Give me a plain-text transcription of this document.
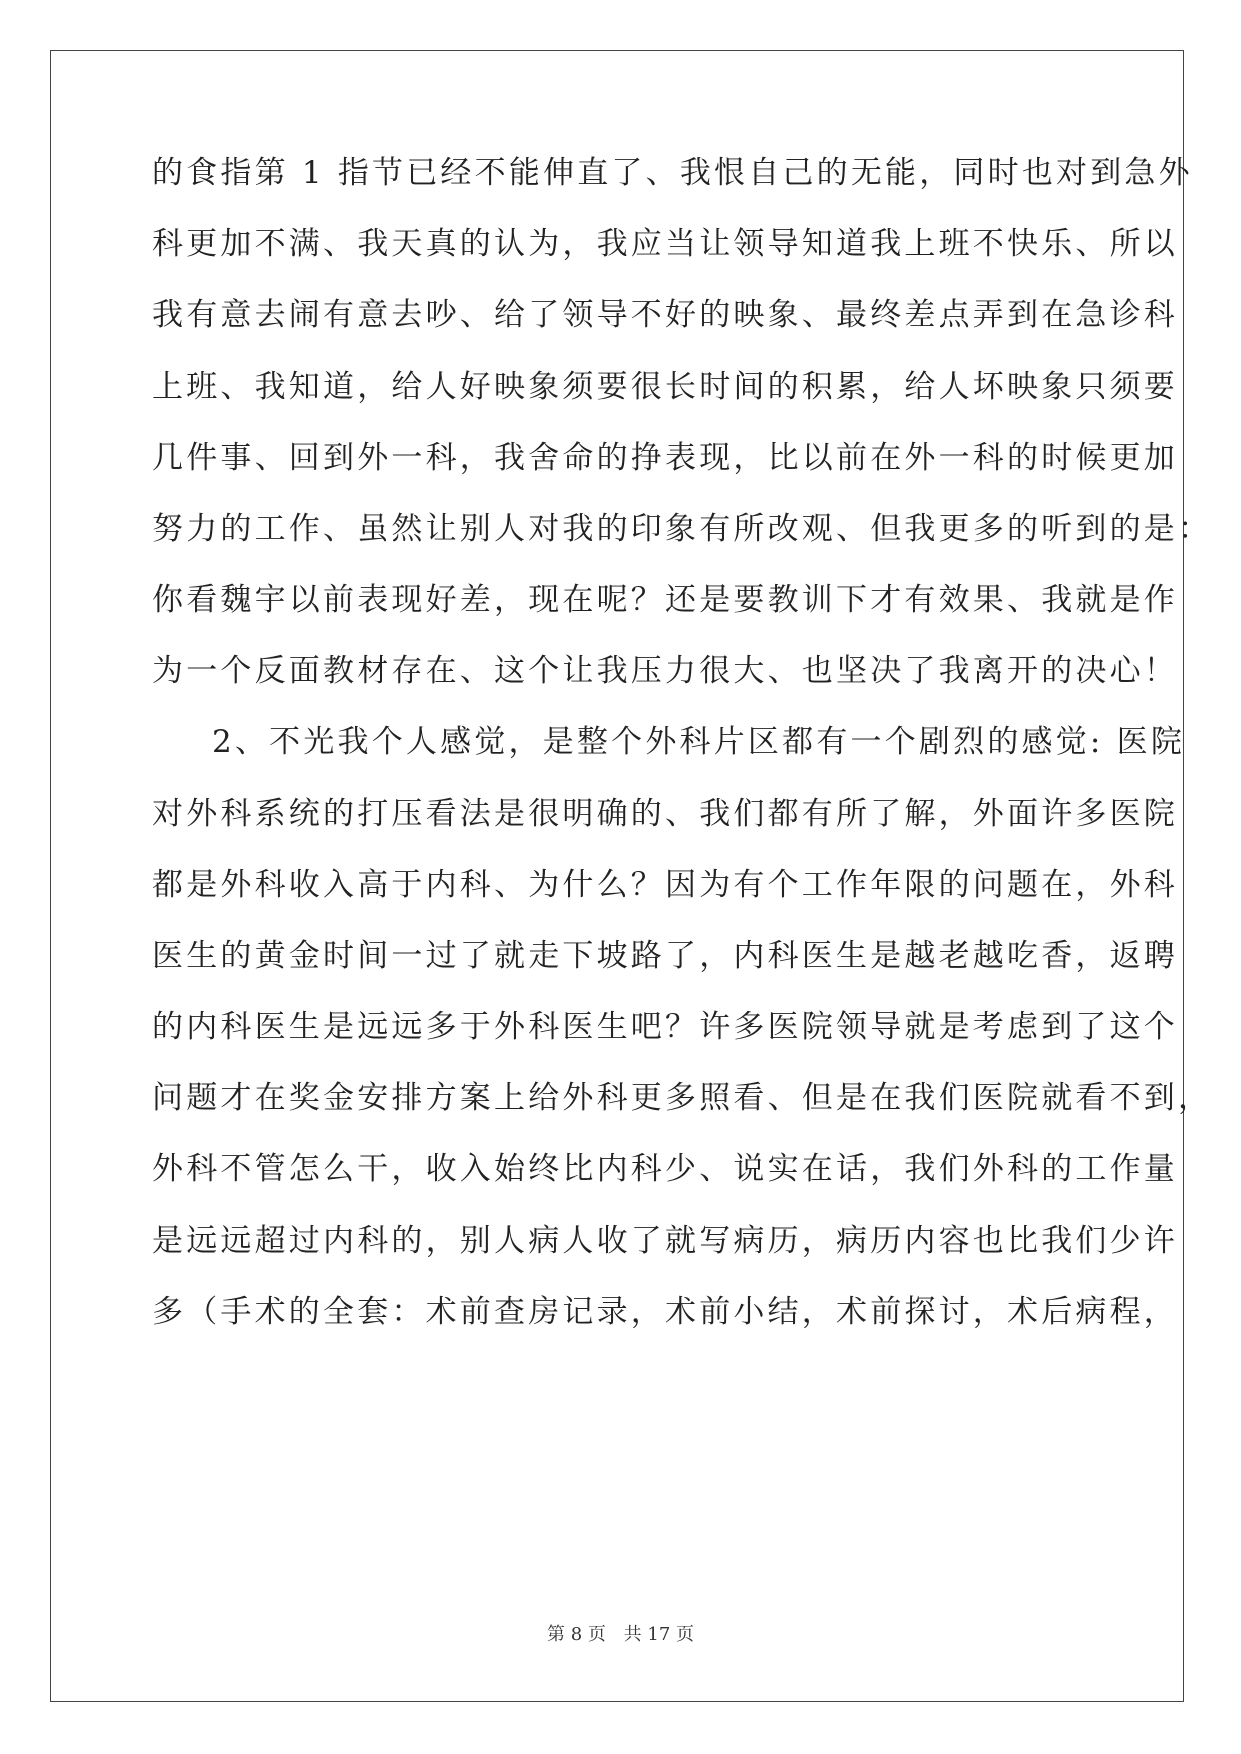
的食指第 1 指节已经不能伸直了、我恨自己的无能，同时也对到急外
科更加不满、我天真的认为，我应当让领导知道我上班不快乐、所以
我有意去闹有意去吵、给了领导不好的映象、最终差点弄到在急诊科
上班、我知道，给人好映象须要很长时间的积累，给人坏映象只须要
几件事、回到外一科，我舍命的挣表现，比以前在外一科的时候更加
努力的工作、虽然让别人对我的印象有所改观、但我更多的听到的是：
你看魏宇以前表现好差，现在呢？还是要教训下才有效果、我就是作
为一个反面教材存在、这个让我压力很大、也坚决了我离开的决心！
2、不光我个人感觉，是整个外科片区都有一个剧烈的感觉: 医院
对外科系统的打压看法是很明确的、我们都有所了解，外面许多医院
都是外科收入高于内科、为什么？因为有个工作年限的问题在，外科
医生的黄金时间一过了就走下坡路了，内科医生是越老越吃香，返聘
的内科医生是远远多于外科医生吧？许多医院领导就是考虑到了这个
问题才在奖金安排方案上给外科更多照看、但是在我们医院就看不到，
外科不管怎么干，收入始终比内科少、说实在话，我们外科的工作量
是远远超过内科的，别人病人收了就写病历，病历内容也比我们少许
多（手术的全套：术前查房记录，术前小结，术前探讨，术后病程，
第 8 页 共 17 页
